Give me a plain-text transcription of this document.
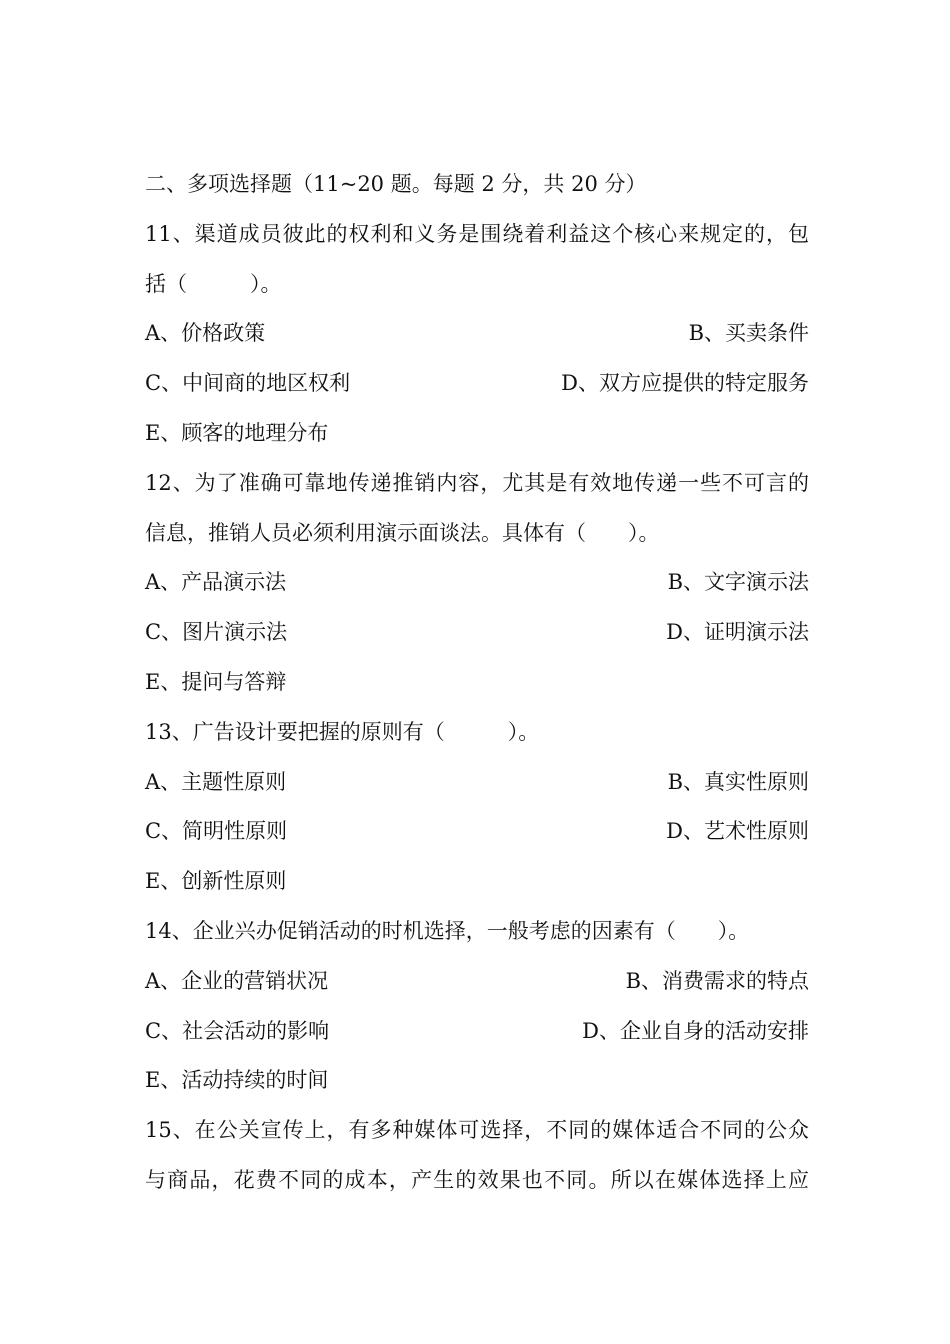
二、多项选择题（11~20 题。每题 2 分，共 20 分）
11、渠道成员彼此的权利和义务是围绕着利益这个核心来规定的，包
括（　　　）。
A、价格政策	B、买卖条件
C、中间商的地区权利	D、双方应提供的特定服务
E、顾客的地理分布
12、为了准确可靠地传递推销内容，尤其是有效地传递一些不可言的
信息，推销人员必须利用演示面谈法。具体有（　　）。
A、产品演示法	B、文字演示法
C、图片演示法	D、证明演示法
E、提问与答辩
13、广告设计要把握的原则有（　　　）。
A、主题性原则	B、真实性原则
C、简明性原则	D、艺术性原则
E、创新性原则
14、企业兴办促销活动的时机选择，一般考虑的因素有（　　）。
A、企业的营销状况	B、消费需求的特点
C、社会活动的影响	D、企业自身的活动安排
E、活动持续的时间
15、在公关宣传上，有多种媒体可选择，不同的媒体适合不同的公众
与商品，花费不同的成本，产生的效果也不同。所以在媒体选择上应
